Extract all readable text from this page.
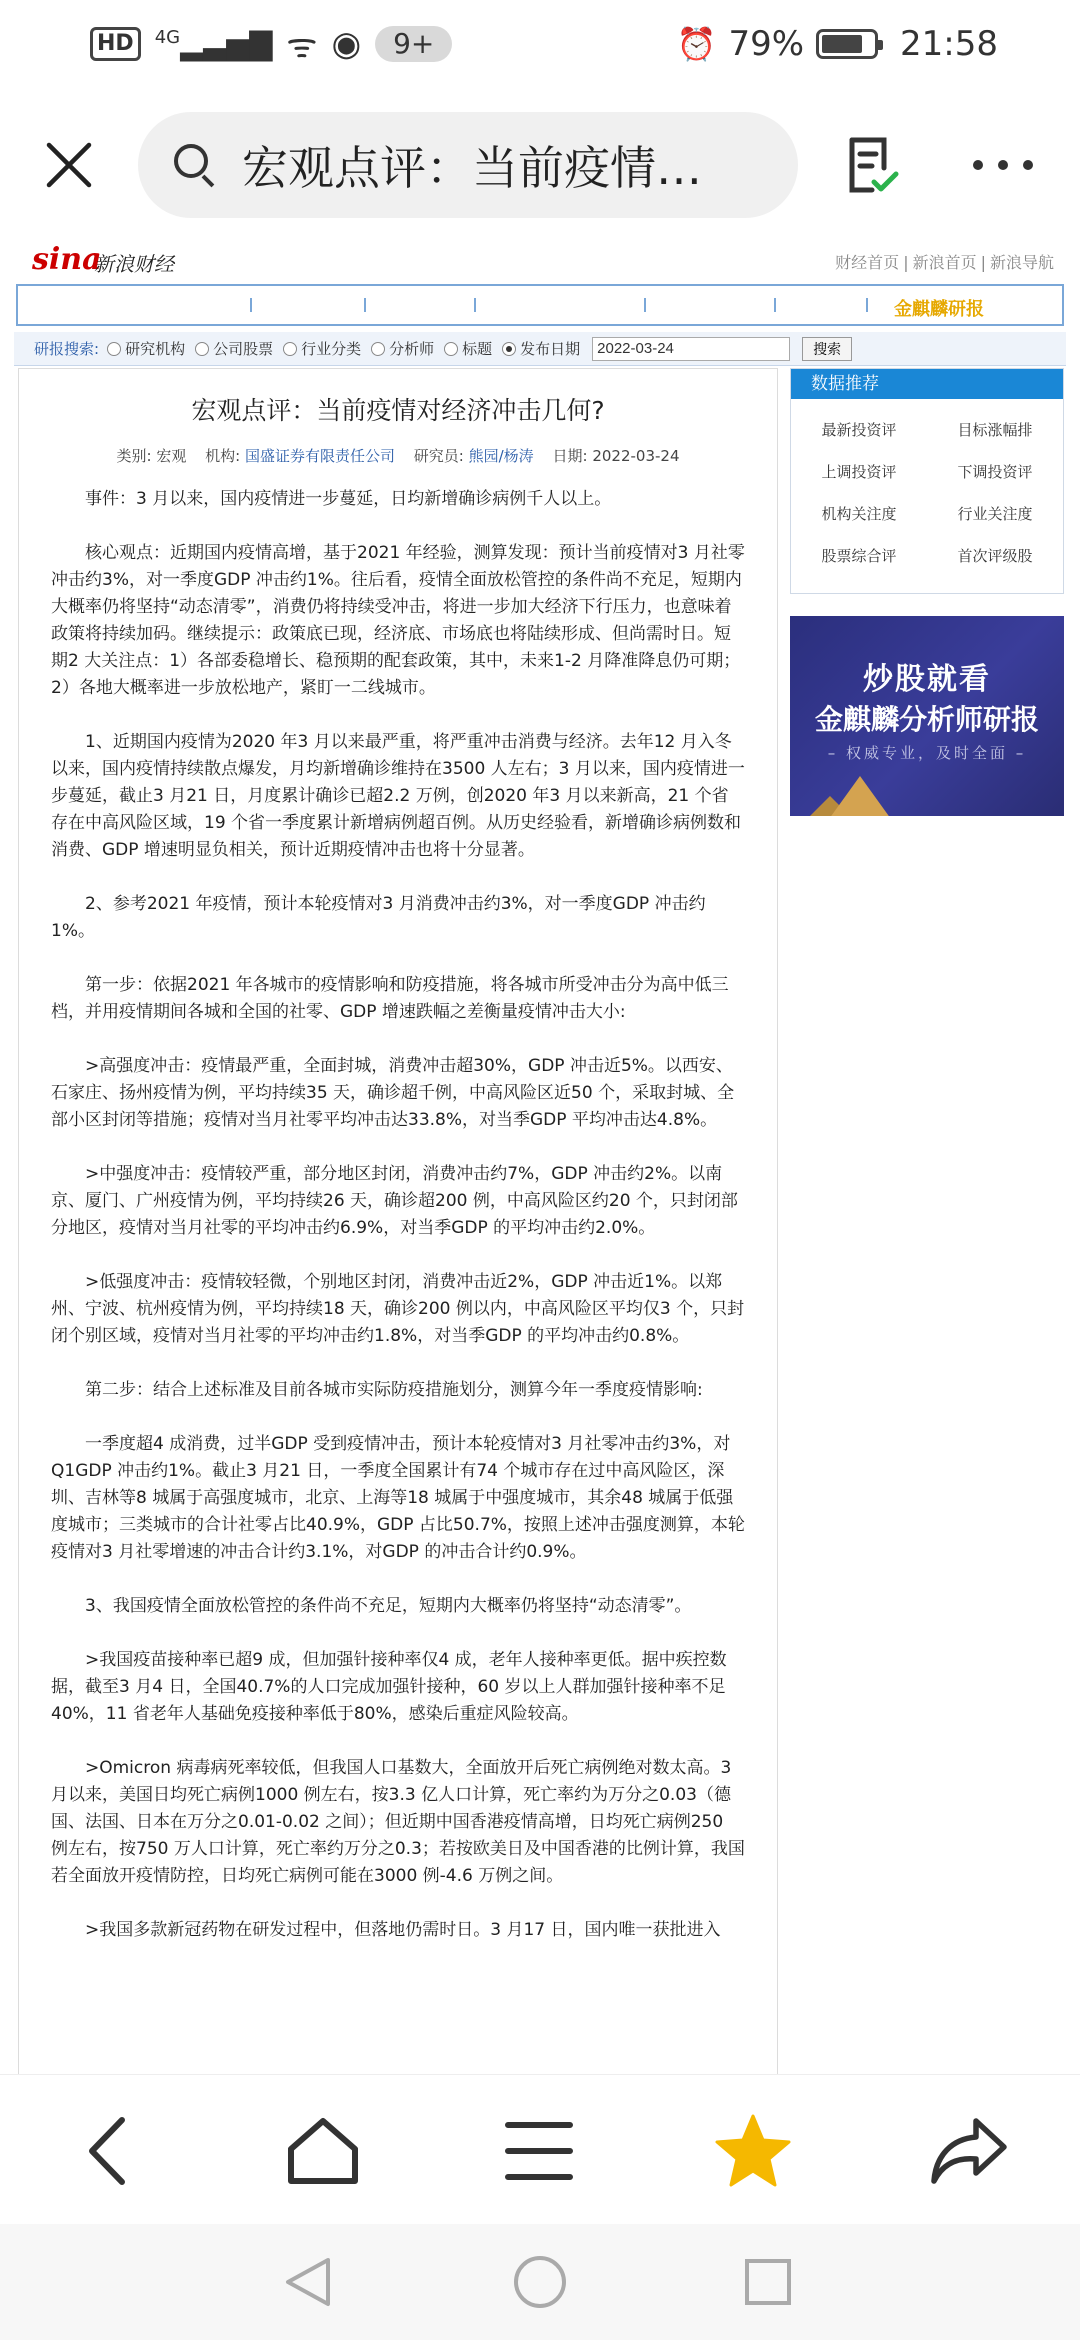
HD	$^{4G}$▂▃▅▇ ᯤ ◉	9+	⏰ 79%	21:58
宏观点评：当前疫情…
sina
新浪财经	财经首页 | 新浪首页 | 新浪导航
金麒麟研报
研报搜索: 研究机构 公司股票 行业分类 分析师 标题 发布日期
2022-03-24	搜索
宏观点评：当前疫情对经济冲击几何?
类别: 宏观 机构: 国盛证券有限责任公司 研究员: 熊园/杨涛 日期: 2022-03-24

事件：3 月以来，国内疫情进一步蔓延，日均新增确诊病例千人以上。

核心观点：近期国内疫情高增，基于2021 年经验，测算发现：预计当前疫情对3 月社零冲击约3%，对一季度GDP 冲击约1%。往后看，疫情全面放松管控的条件尚不充足，短期内大概率仍将坚持“动态清零”，消费仍将持续受冲击，将进一步加大经济下行压力，也意味着政策将持续加码。继续提示：政策底已现，经济底、市场底也将陆续形成、但尚需时日。短期2 大关注点：1）各部委稳增长、稳预期的配套政策，其中，未来1-2 月降准降息仍可期；2）各地大概率进一步放松地产，紧盯一二线城市。

1、近期国内疫情为2020 年3 月以来最严重，将严重冲击消费与经济。去年12 月入冬以来，国内疫情持续散点爆发，月均新增确诊维持在3500 人左右；3 月以来，国内疫情进一步蔓延，截止3 月21 日，月度累计确诊已超2.2 万例，创2020 年3 月以来新高，21 个省存在中高风险区域，19 个省一季度累计新增病例超百例。从历史经验看，新增确诊病例数和消费、GDP 增速明显负相关，预计近期疫情冲击也将十分显著。

2、参考2021 年疫情，预计本轮疫情对3 月消费冲击约3%，对一季度GDP 冲击约1%。

第一步：依据2021 年各城市的疫情影响和防疫措施，将各城市所受冲击分为高中低三档，并用疫情期间各城和全国的社零、GDP 增速跌幅之差衡量疫情冲击大小:

>高强度冲击：疫情最严重，全面封城，消费冲击超30%，GDP 冲击近5%。以西安、石家庄、扬州疫情为例，平均持续35 天，确诊超千例，中高风险区近50 个，采取封城、全部小区封闭等措施；疫情对当月社零平均冲击达33.8%，对当季GDP 平均冲击达4.8%。

>中强度冲击：疫情较严重，部分地区封闭，消费冲击约7%，GDP 冲击约2%。以南京、厦门、广州疫情为例，平均持续26 天，确诊超200 例，中高风险区约20 个，只封闭部分地区，疫情对当月社零的平均冲击约6.9%，对当季GDP 的平均冲击约2.0%。

>低强度冲击：疫情较轻微，个别地区封闭，消费冲击近2%，GDP 冲击近1%。以郑州、宁波、杭州疫情为例，平均持续18 天，确诊200 例以内，中高风险区平均仅3 个，只封闭个别区域，疫情对当月社零的平均冲击约1.8%，对当季GDP 的平均冲击约0.8%。

第二步：结合上述标准及目前各城市实际防疫措施划分，测算今年一季度疫情影响:

一季度超4 成消费，过半GDP 受到疫情冲击，预计本轮疫情对3 月社零冲击约3%，对Q1GDP 冲击约1%。截止3 月21 日，一季度全国累计有74 个城市存在过中高风险区，深圳、吉林等8 城属于高强度城市，北京、上海等18 城属于中强度城市，其余48 城属于低强度城市；三类城市的合计社零占比40.9%，GDP 占比50.7%，按照上述冲击强度测算，本轮疫情对3 月社零增速的冲击合计约3.1%，对GDP 的冲击合计约0.9%。

3、我国疫情全面放松管控的条件尚不充足，短期内大概率仍将坚持“动态清零”。

>我国疫苗接种率已超9 成，但加强针接种率仅4 成，老年人接种率更低。据中疾控数据，截至3 月4 日，全国40.7%的人口完成加强针接种，60 岁以上人群加强针接种率不足40%，11 省老年人基础免疫接种率低于80%，感染后重症风险较高。

>Omicron 病毒病死率较低，但我国人口基数大，全面放开后死亡病例绝对数太高。3 月以来，美国日均死亡病例1000 例左右，按3.3 亿人口计算，死亡率约为万分之0.03（德国、法国、日本在万分之0.01-0.02 之间）；但近期中国香港疫情高增，日均死亡病例250 例左右，按750 万人口计算，死亡率约万分之0.3；若按欧美日及中国香港的比例计算，我国若全面放开疫情防控，日均死亡病例可能在3000 例-4.6 万例之间。

>我国多款新冠药物在研发过程中，但落地仍需时日。3 月17 日，国内唯一获批进入

数据推荐
最新投资评	目标涨幅排
上调投资评	下调投资评
机构关注度	行业关注度
股票综合评	首次评级股
炒股就看
金麒麟分析师研报
– 权威专业，及时全面 –
